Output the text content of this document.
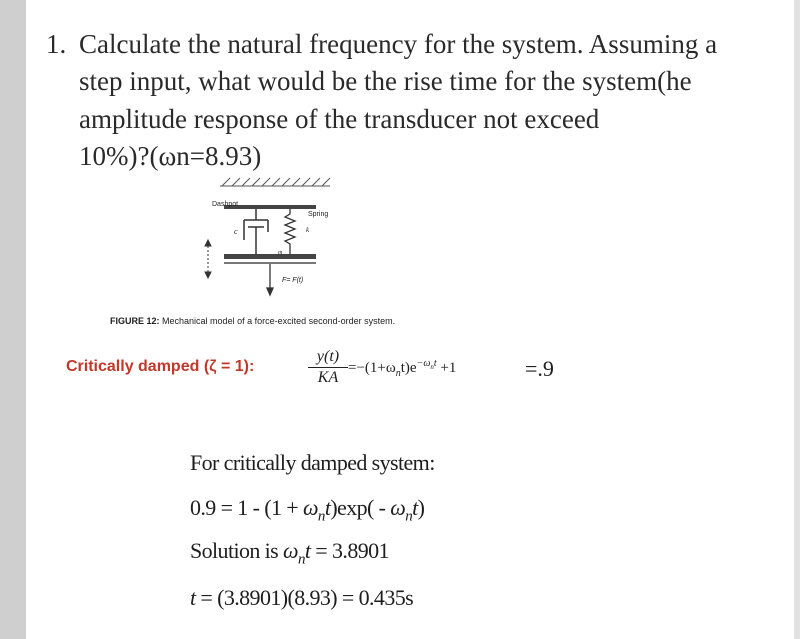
1. Calculate the natural frequency for the system. Assuming a
step input, what would be the rise time for the system(he
amplitude response of the transducer not exceed
10%)?(ωn=8.93)
Dashpot
Spring
c	k
m
F= F(t)
FIGURE 12: Mechanical model of a force-excited second-order system.
Critically damped (ζ = 1):	$\frac{y(t)}{KA} =-(1+\omega_nt)e^{-\omega_nt} +1$	=.9
For critically damped system:
$0.9 = 1 - (1 + \omega_nt)\exp( - \omega_nt)$
Solution is $\omega_nt = 3.8901$
t = (3.8901)(8.93) = 0.435s
